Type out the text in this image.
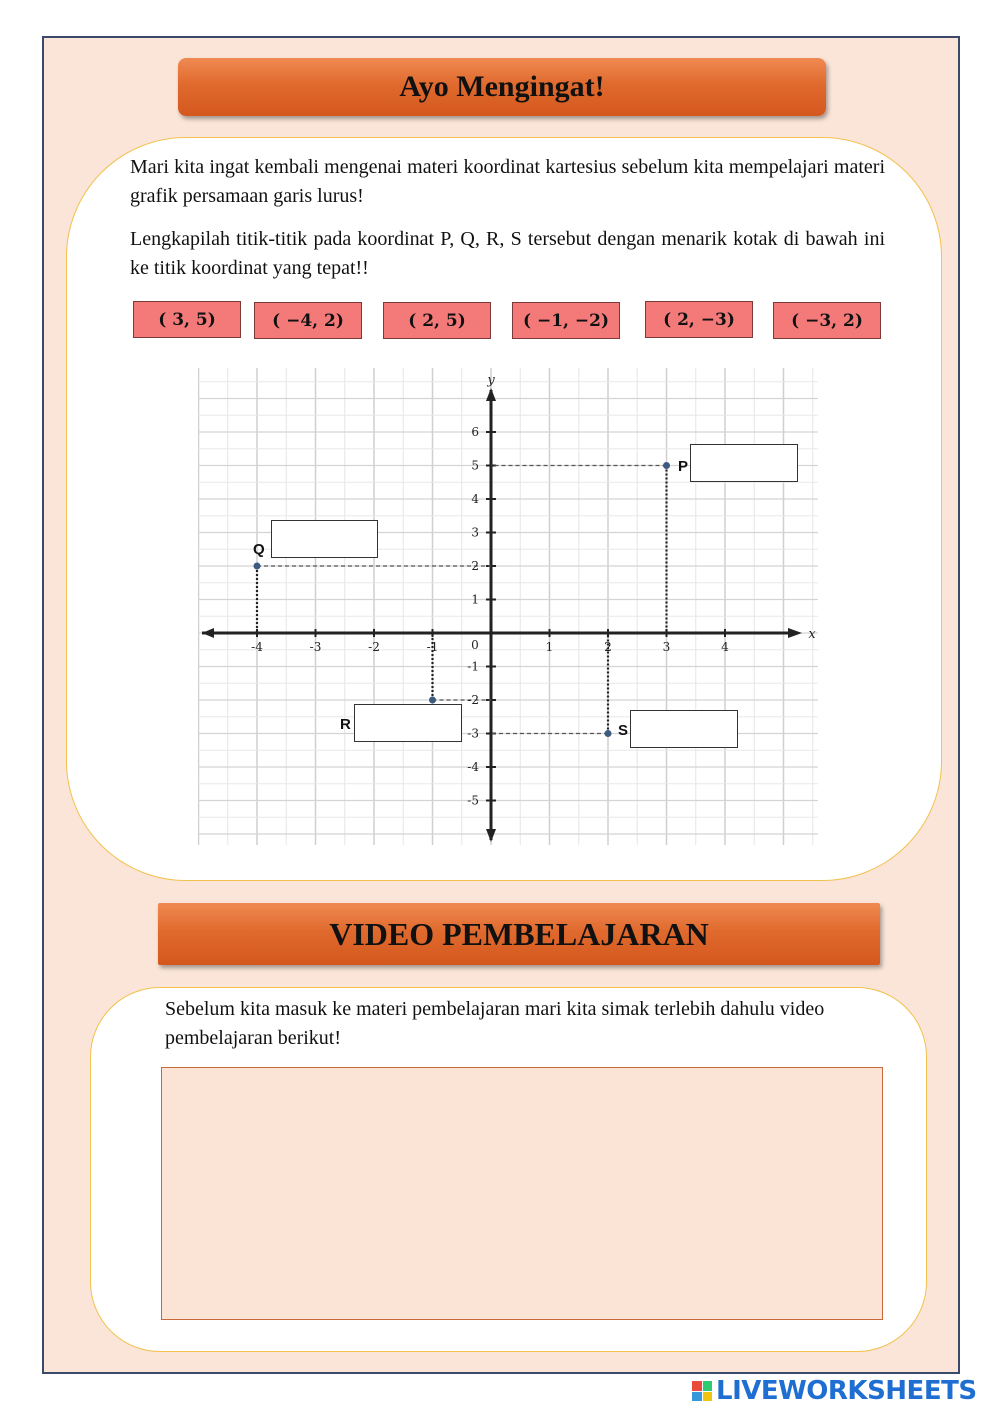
Ayo Mengingat!

Mari kita ingat kembali mengenai materi koordinat kartesius sebelum kita mempelajari materi grafik persamaan garis lurus!

Lengkapilah titik-titik pada koordinat P, Q, R, S tersebut dengan menarik kotak di bawah ini ke titik koordinat yang tepat!!

( 3, 5)	( −4, 2)	( 2, 5)	( −1, −2)	( 2, −3)	( −3, 2)
x
y
-4	-3	-2	-1	1	2	3	4
6
5
4
3
2
1
-1
-2
-3
-4
-5
0
Q
P
R	S
VIDEO PEMBELAJARAN

Sebelum kita masuk ke materi pembelajaran mari kita simak terlebih dahulu video pembelajaran berikut!

LIVEWORKSHEETS
